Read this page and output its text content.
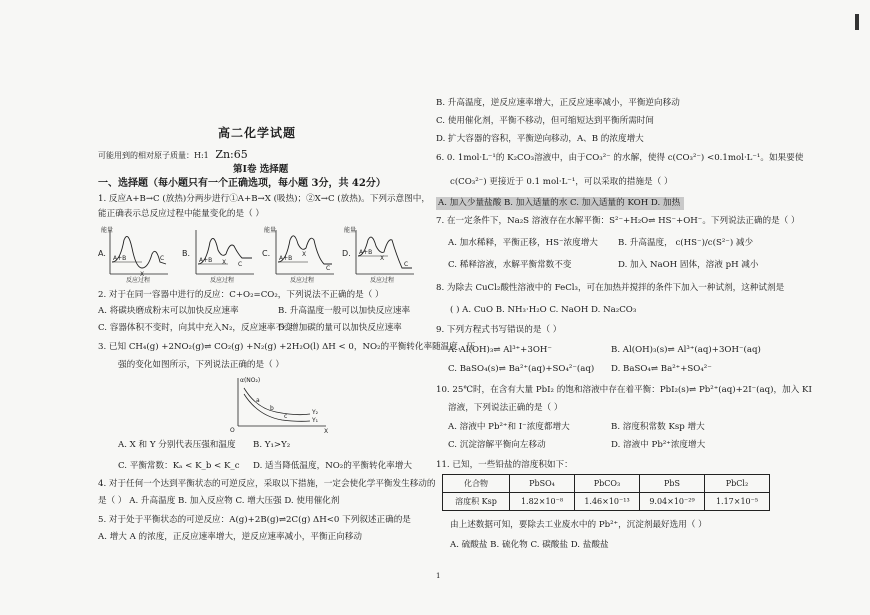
高二化学试题
可能用到的相对原子质量：H:1 Zn:65
第Ⅰ卷 选择题
一、选择题（每小题只有一个正确选项，每小题 3分，共 42分）
1. 反应A+B→C (放热)分两步进行①A+B→X (吸热)；②X→C (放热)。下列示意图中，
能正确表示总反应过程中能量变化的是（ ）
A.
能量
A+B
X
C
反应过程
B.
A+B X C
反应过程
C.
能量
A+B
X
C
反应过程
D.
能量
A+B
X
C
反应过程
2. 对于在同一容器中进行的反应：C+O₂=CO₂，下列说法不正确的是（ ）
A. 将碳块磨成粉末可以加快反应速率	B. 升高温度一般可以加快反应速率
C. 容器体积不变时，向其中充入N₂，反应速率不变
D. 增加碳的量可以加快反应速率
3. 已知 CH₄(g) +2NO₂(g)⇌ CO₂(g) +N₂(g) +2H₂O(l) ΔH < 0，NO₂的平衡转化率随温度，压
强的变化如图所示，下列说法正确的是（ ）
α(NO₂)
O	X
Y₂
Y₁
a
b
c
A. X 和 Y 分别代表压强和温度 B. Y₁>Y₂
C. 平衡常数：Kₐ < K_b < K_c D. 适当降低温度，NO₂的平衡转化率增大
4. 对于任何一个达到平衡状态的可逆反应，采取以下措施，一定会使化学平衡发生移动的
是（ ） A. 升高温度 B. 加入反应物 C. 增大压强 D. 使用催化剂
5. 对于处于平衡状态的可逆反应：A(g)+2B(g)⇌2C(g) ΔH<0 下列叙述正确的是
A. 增大 A 的浓度，正反应速率增大，逆反应速率减小，平衡正向移动
B. 升高温度，逆反应速率增大，正反应速率减小，平衡逆向移动
C. 使用催化剂，平衡不移动，但可缩短达到平衡所需时间
D. 扩大容器的容积，平衡逆向移动，A、B 的浓度增大
6. 0. 1mol·L⁻¹的 K₂CO₃溶液中，由于CO₃²⁻ 的水解，使得 c(CO₃²⁻) <0.1mol·L⁻¹。如果要使
c(CO₃²⁻) 更接近于 0.1 mol·L⁻¹，可以采取的措施是（ ）
A. 加入少量盐酸 B. 加入适量的水 C. 加入适量的 KOH D. 加热
7. 在一定条件下，Na₂S 溶液存在水解平衡：S²⁻+H₂O⇌ HS⁻+OH⁻。下列说法正确的是（ ）
A. 加水稀释，平衡正移，HS⁻浓度增大 B. 升高温度， c(HS⁻)/c(S²⁻) 减少
C. 稀释溶液，水解平衡常数不变	D. 加入 NaOH 固体，溶液 pH 减小
8. 为除去 CuCl₂酸性溶液中的 FeCl₃，可在加热并搅拌的条件下加入一种试剂，这种试剂是
( ) A. CuO B. NH₃·H₂O C. NaOH D. Na₂CO₃
9. 下列方程式书写错误的是（ ）
A. Al(OH)₃⇌ Al³⁺+3OH⁻	B. Al(OH)₃(s)⇌ Al³⁺(aq)+3OH⁻(aq)
C. BaSO₄(s)⇌ Ba²⁺(aq)+SO₄²⁻(aq) D. BaSO₄⇌ Ba²⁺+SO₄²⁻
10. 25℃时，在含有大量 PbI₂ 的饱和溶液中存在着平衡：PbI₂(s)⇌ Pb²⁺(aq)+2I⁻(aq)，加入 KI
溶液，下列说法正确的是（ ）
A. 溶液中 Pb²⁺和 I⁻浓度都增大	B. 溶度积常数 Ksp 增大
C. 沉淀溶解平衡向左移动	D. 溶液中 Pb²⁺浓度增大
11. 已知，一些铅盐的溶度积如下：
化合物	PbSO₄	PbCO₃	PbS	PbCl₂
溶度积 Ksp	1.82×10⁻⁸	1.46×10⁻¹³	9.04×10⁻²⁹	1.17×10⁻⁵
由上述数据可知，要除去工业废水中的 Pb²⁺，沉淀剂最好选用（ ）
A. 硫酸盐 B. 硫化物 C. 碳酸盐 D. 盐酸盐
1
